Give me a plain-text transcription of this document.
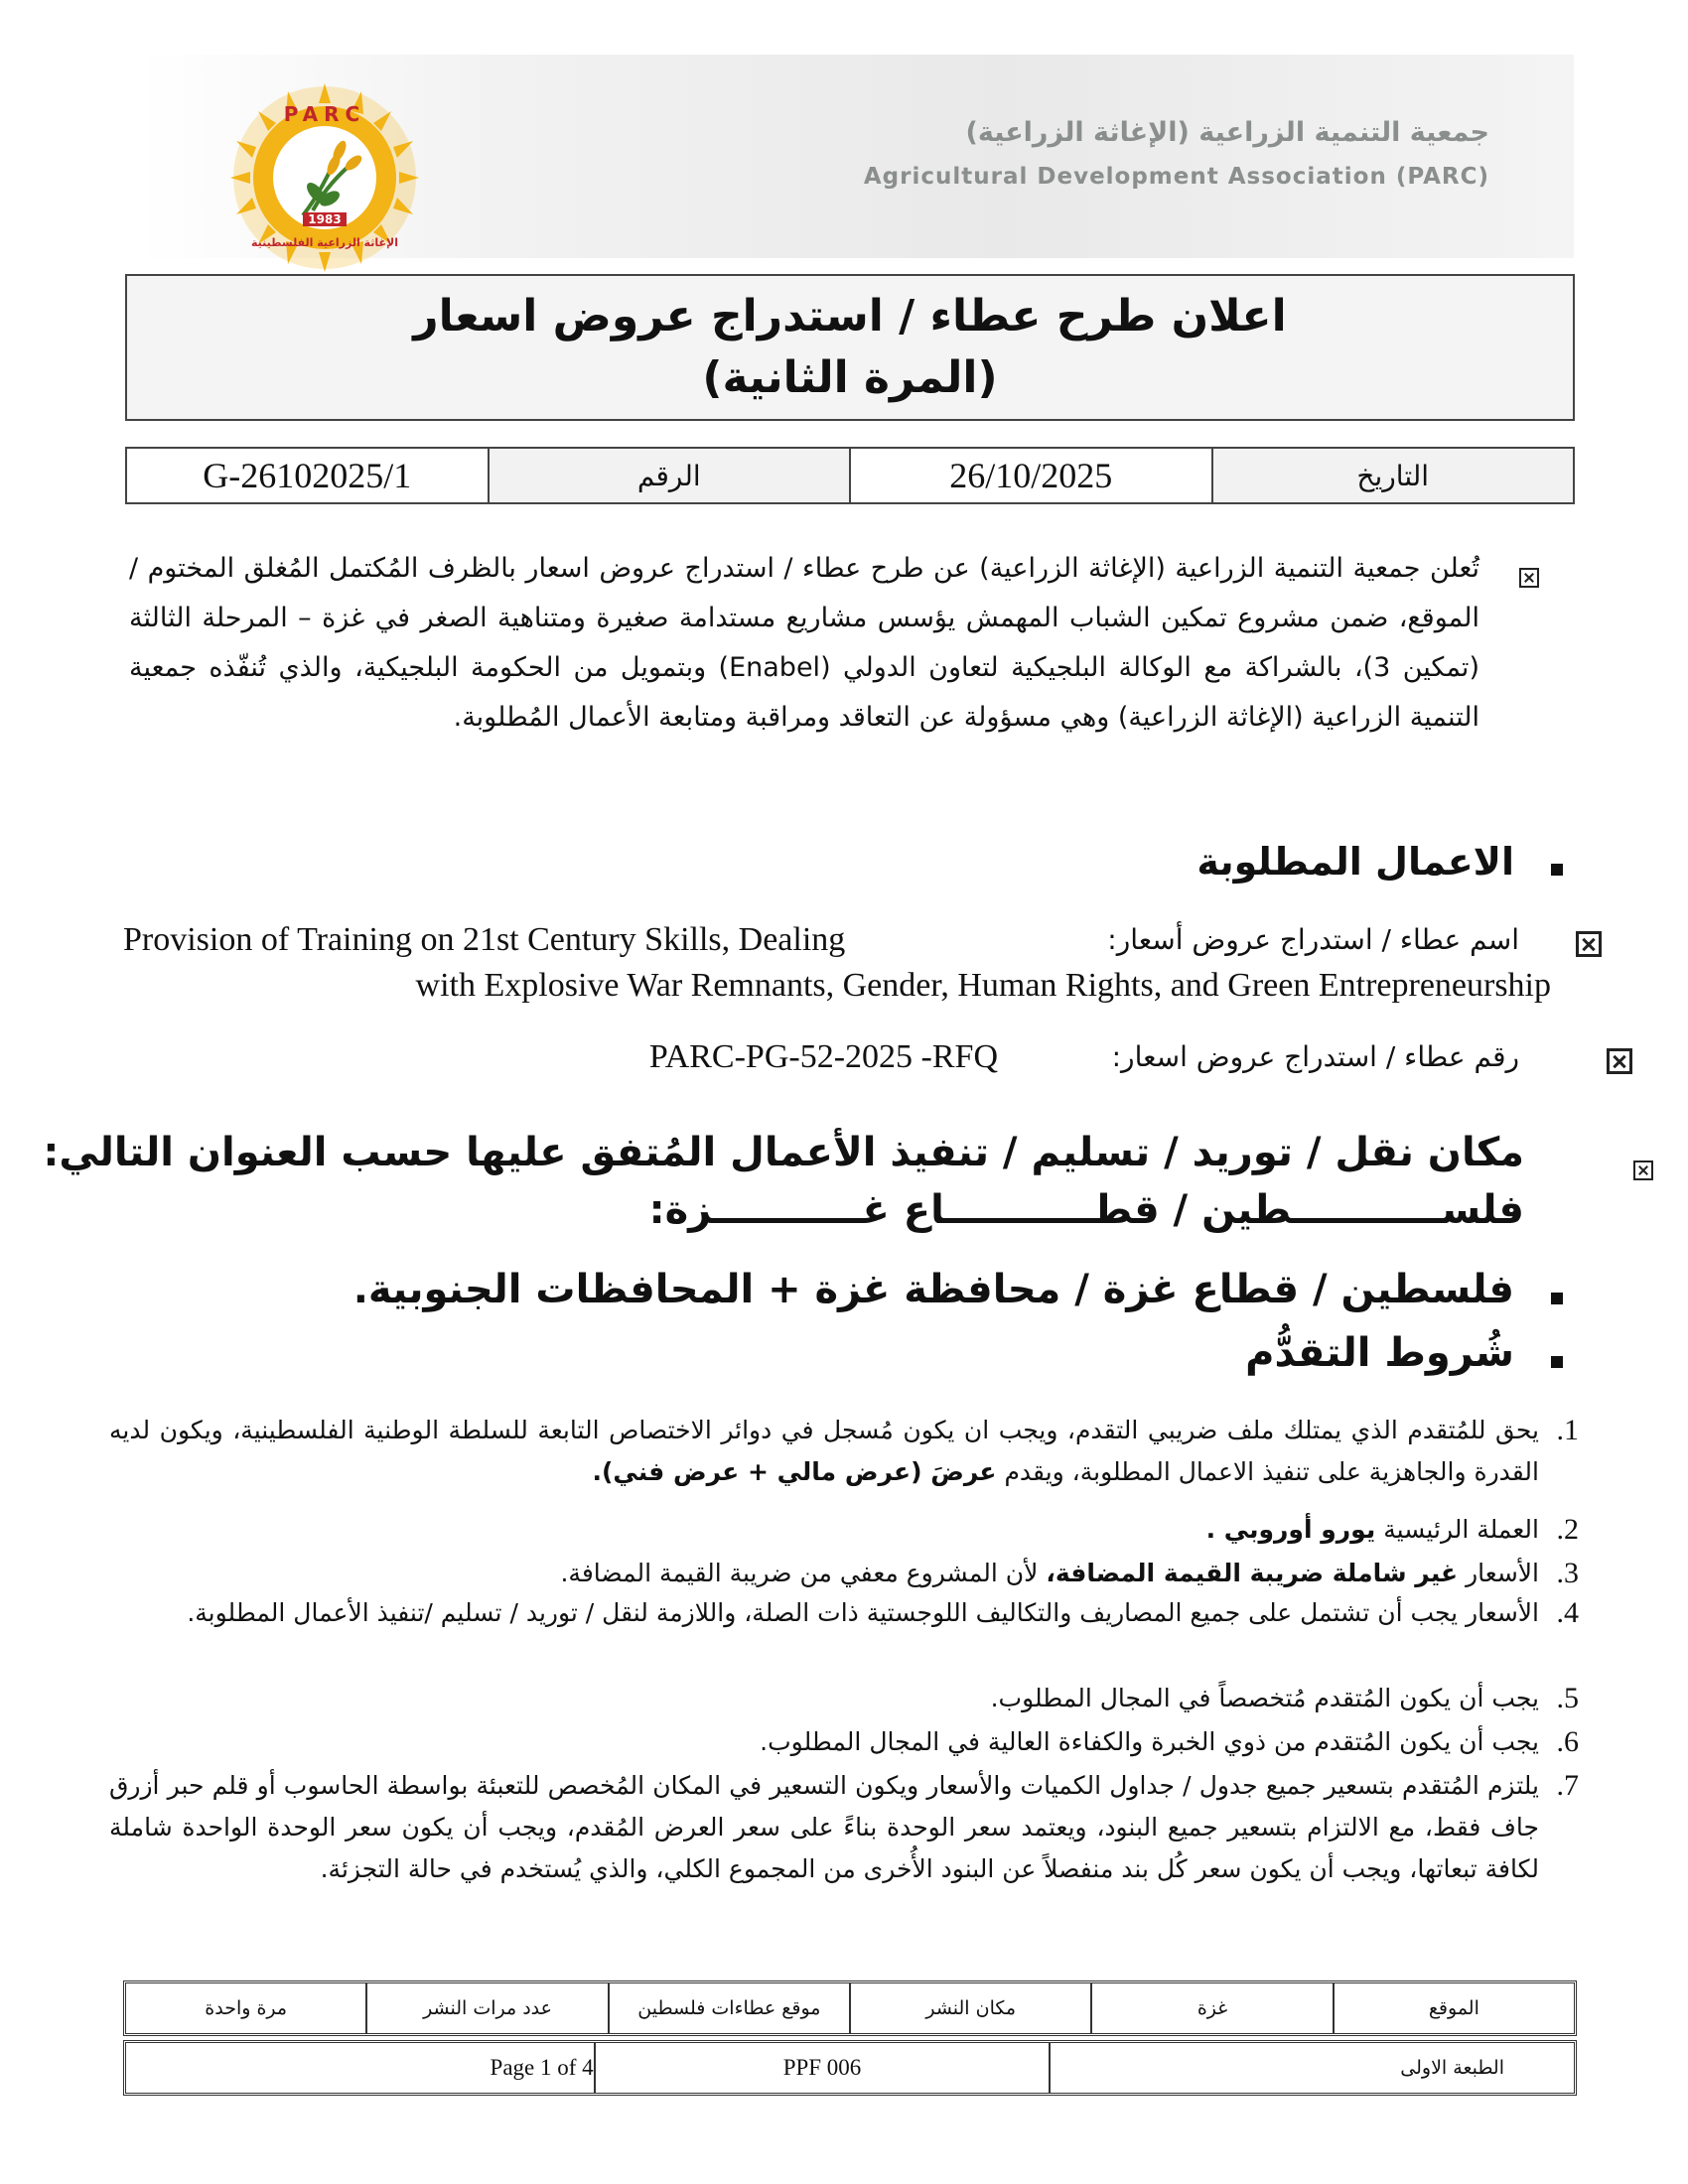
1983
PARC
الإغاثة الزراعية الفلسطينية
جمعية التنمية الزراعية (الإغاثة الزراعية)
Agricultural Development Association (PARC)
اعلان طرح عطاء / استدراج عروض اسعار
(المرة الثانية)
التاريخ
26/10/2025
الرقم
G-26102025/1

تُعلن جمعية التنمية الزراعية (الإغاثة الزراعية) عن طرح عطاء / استدراج عروض اسعار بالظرف المُكتمل المُغلق المختوم / الموقع، ضمن مشروع تمكين الشباب المهمش يؤسس مشاريع مستدامة صغيرة ومتناهية الصغر في غزة – المرحلة الثالثة (تمكين 3)، بالشراكة مع الوكالة البلجيكية لتعاون الدولي (Enabel) وبتمويل من الحكومة البلجيكية، والذي تُنفّذه جمعية التنمية الزراعية (الإغاثة الزراعية) وهي مسؤولة عن التعاقد ومراقبة ومتابعة الأعمال المُطلوبة.
الاعمال المطلوبة

اسم عطاء / استدراج عروض أسعار:
Provision of Training on 21st Century Skills, Dealing
with Explosive War Remnants, Gender, Human Rights, and Green Entrepreneurship

رقم عطاء / استدراج عروض اسعار:
PARC-PG-52-2025 -RFQ
مكان نقل / توريد / تسليم / تنفيذ الأعمال المُتفق عليها حسب العنوان التالي:
فلســـــــــــطين / قطـــــــــــاع غـــــــــــزة:
فلسطين / قطاع غزة / محافظة غزة + المحافظات الجنوبية.
شُروط التقدُّم
1.
يحق للمُتقدم الذي يمتلك ملف ضريبي التقدم، ويجب ان يكون مُسجل في دوائر الاختصاص التابعة للسلطة الوطنية الفلسطينية، ويكون لديه القدرة والجاهزية على تنفيذ الاعمال المطلوبة، ويقدم عرضَ (عرض مالي + عرض فني).
2.
العملة الرئيسية يورو أوروبي .
3.
الأسعار غير شاملة ضريبة القيمة المضافة، لأن المشروع معفي من ضريبة القيمة المضافة.
4.
الأسعار يجب أن تشتمل على جميع المصاريف والتكاليف اللوجستية ذات الصلة، واللازمة لنقل / توريد / تسليم /تنفيذ الأعمال المطلوبة.
5.
يجب أن يكون المُتقدم مُتخصصاً في المجال المطلوب.
6.
يجب أن يكون المُتقدم من ذوي الخبرة والكفاءة العالية في المجال المطلوب.
7.
يلتزم المُتقدم بتسعير جميع جدول / جداول الكميات والأسعار ويكون التسعير في المكان المُخصص للتعبئة بواسطة الحاسوب أو قلم حبر أزرق جاف فقط، مع الالتزام بتسعير جميع البنود، ويعتمد سعر الوحدة بناءً على سعر العرض المُقدم، ويجب أن يكون سعر الوحدة الواحدة شاملة لكافة تبعاتها، ويجب أن يكون سعر كُل بند منفصلاً عن البنود الأُخرى من المجموع الكلي، والذي يُستخدم في حالة التجزئة.
الموقع
غزة
مكان النشر
موقع عطاءات فلسطين
عدد مرات النشر
مرة واحدة
الطبعة الاولى
PPF 006
Page 1 of 4
